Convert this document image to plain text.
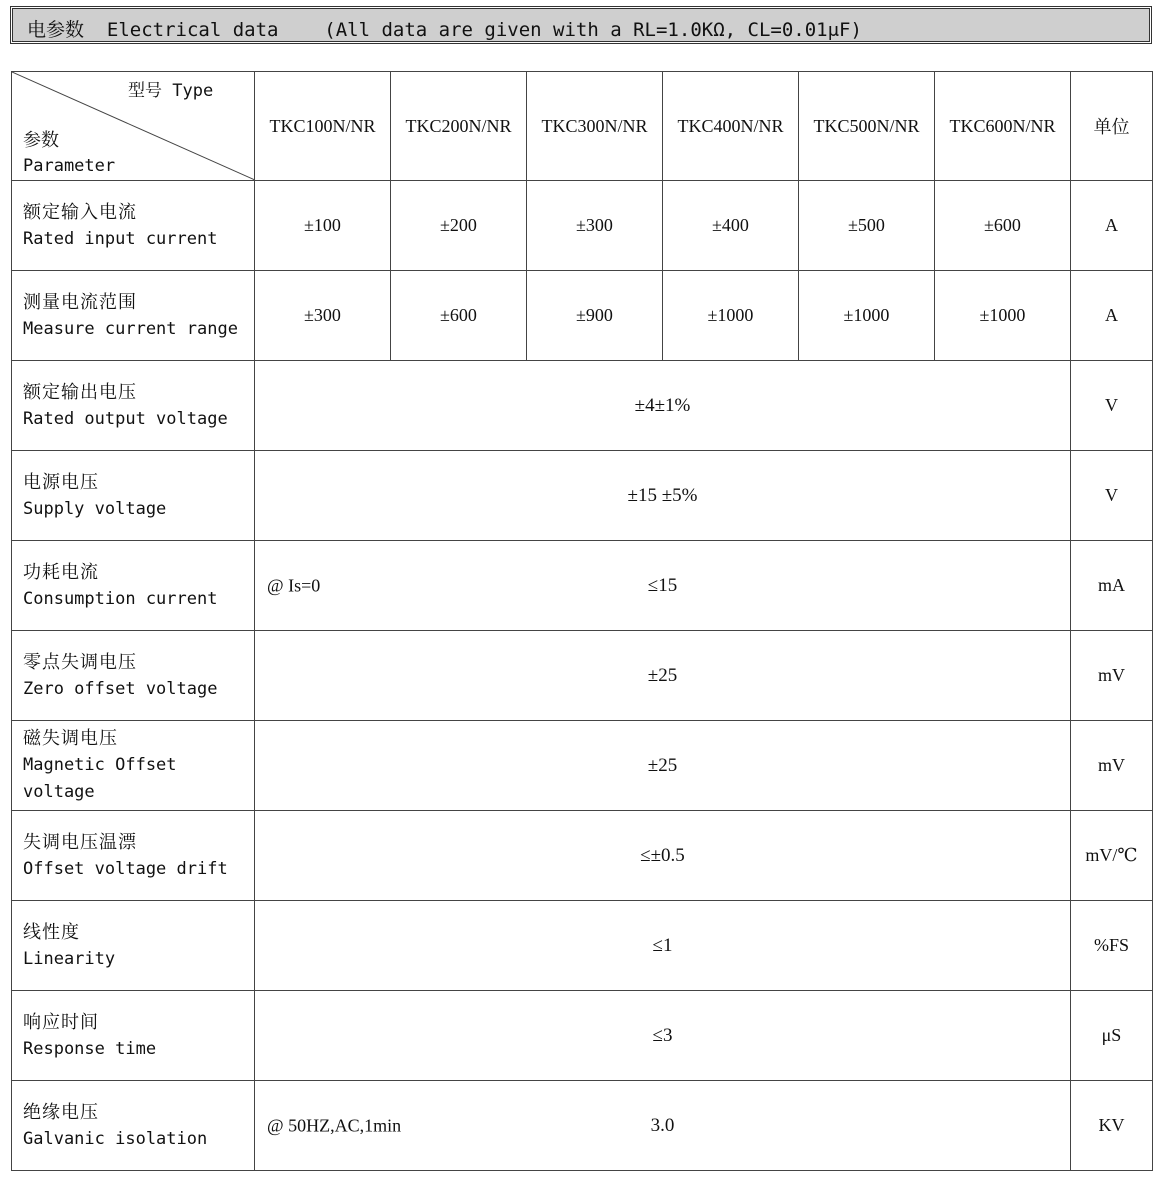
电参数 Electrical data (All data are given with a RL=1.0KΩ, CL=0.01μF)
型号 Type
参数
Parameter	TKC100N/NR	TKC200N/NR	TKC300N/NR	TKC400N/NR	TKC500N/NR	TKC600N/NR	单位

额定输入电流
Rated input current	±100	±200	±300	±400	±500	±600	A

测量电流范围
Measure current range	±300	±600	±900	±1000	±1000	±1000	A

额定输出电压
Rated output voltage	±4±1%						V

电源电压
Supply voltage	±15 ±5%						V

功耗电流
Consumption current	@ Is=0 ≤15						mA

零点失调电压
Zero offset voltage	±25						mV

磁失调电压
Magnetic Offset voltage	±25						mV

失调电压温漂
Offset voltage drift	≤±0.5						mV/℃

线性度
Linearity	≤1						%FS

响应时间
Response time	≤3						μS

绝缘电压
Galvanic isolation	@ 50HZ,AC,1min 3.0						KV
